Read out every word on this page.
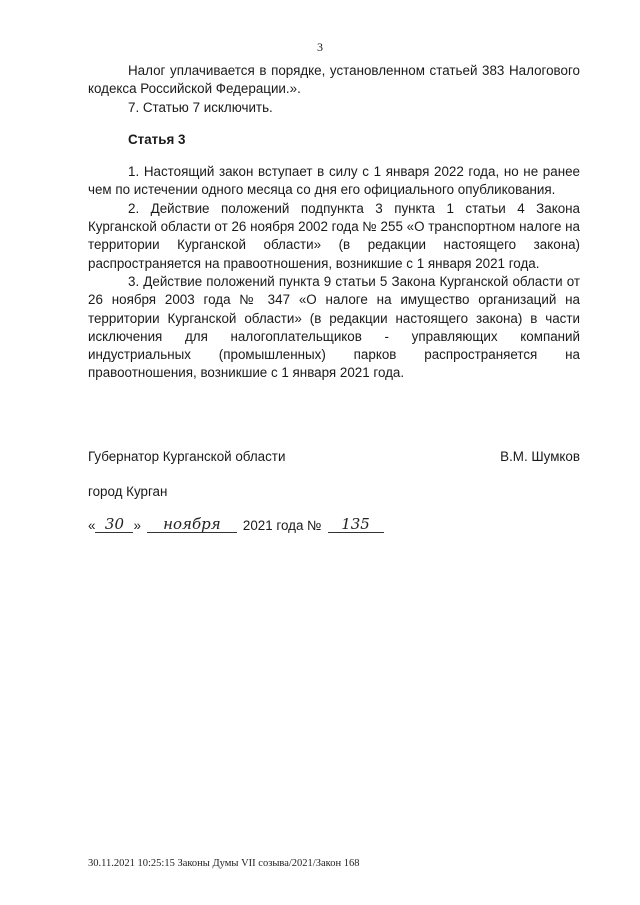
3

Налог уплачивается в порядке, установленном статьей 383 Налогового кодекса Российской Федерации.».

7. Статью 7 исключить.

Статья 3

1. Настоящий закон вступает в силу с 1 января 2022 года, но не ранее чем по истечении одного месяца со дня его официального опубликования.

2. Действие положений подпункта 3 пункта 1 статьи 4 Закона Курганской области от 26 ноября 2002 года № 255 «О транспортном налоге на территории Курганской области» (в редакции настоящего закона) распространяется на правоотношения, возникшие с 1 января 2021 года.

3. Действие положений пункта 9 статьи 5 Закона Курганской области от 26 ноября 2003 года № 347 «О налоге на имущество организаций на территории Курганской области» (в редакции настоящего закона) в части исключения для налогоплательщиков - управляющих компаний индустриальных (промышленных) парков распространяется на правоотношения, возникшие с 1 января 2021 года.

Губернатор Курганской области	В.М. Шумков
город Курган
« 30 »	ноября	2021 года №	135
30.11.2021 10:25:15 Законы Думы VII созыва/2021/Закон 168
